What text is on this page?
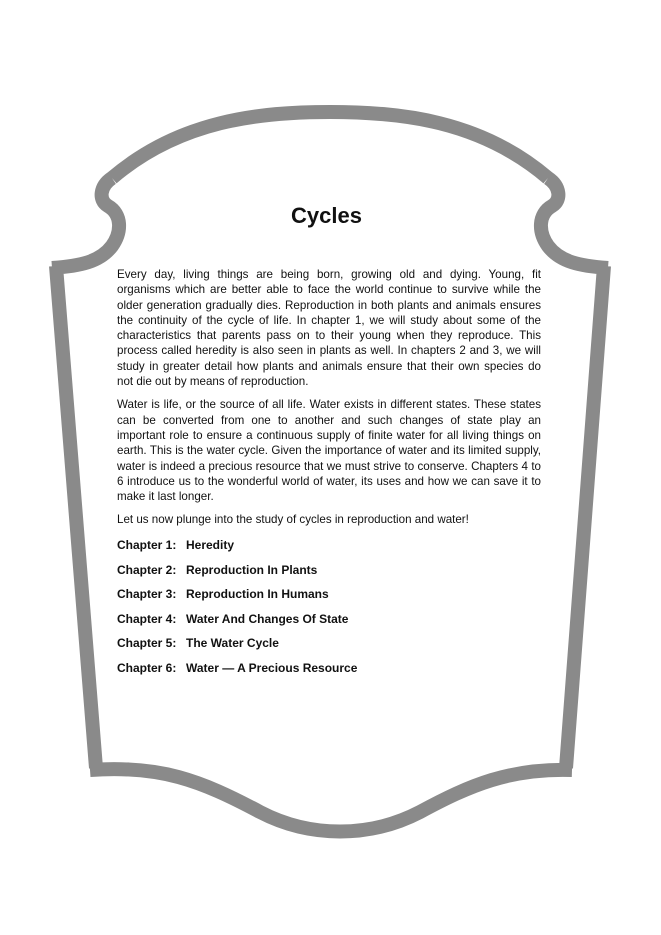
Cycles

Every day, living things are being born, growing old and dying. Young, fit organisms which are better able to face the world continue to survive while the older generation gradually dies. Reproduction in both plants and animals ensures the continuity of the cycle of life. In chapter 1, we will study about some of the characteristics that parents pass on to their young when they reproduce. This process called heredity is also seen in plants as well. In chapters 2 and 3, we will study in greater detail how plants and animals ensure that their own species do not die out by means of reproduction.

Water is life, or the source of all life. Water exists in different states. These states can be converted from one to another and such changes of state play an important role to ensure a continuous supply of finite water for all living things on earth. This is the water cycle. Given the importance of water and its limited supply, water is indeed a precious resource that we must strive to conserve. Chapters 4 to 6 introduce us to the wonderful world of water, its uses and how we can save it to make it last longer.

Let us now plunge into the study of cycles in reproduction and water!

Chapter 1: Heredity
Chapter 2: Reproduction In Plants
Chapter 3: Reproduction In Humans
Chapter 4: Water And Changes Of State
Chapter 5: The Water Cycle
Chapter 6: Water — A Precious Resource
